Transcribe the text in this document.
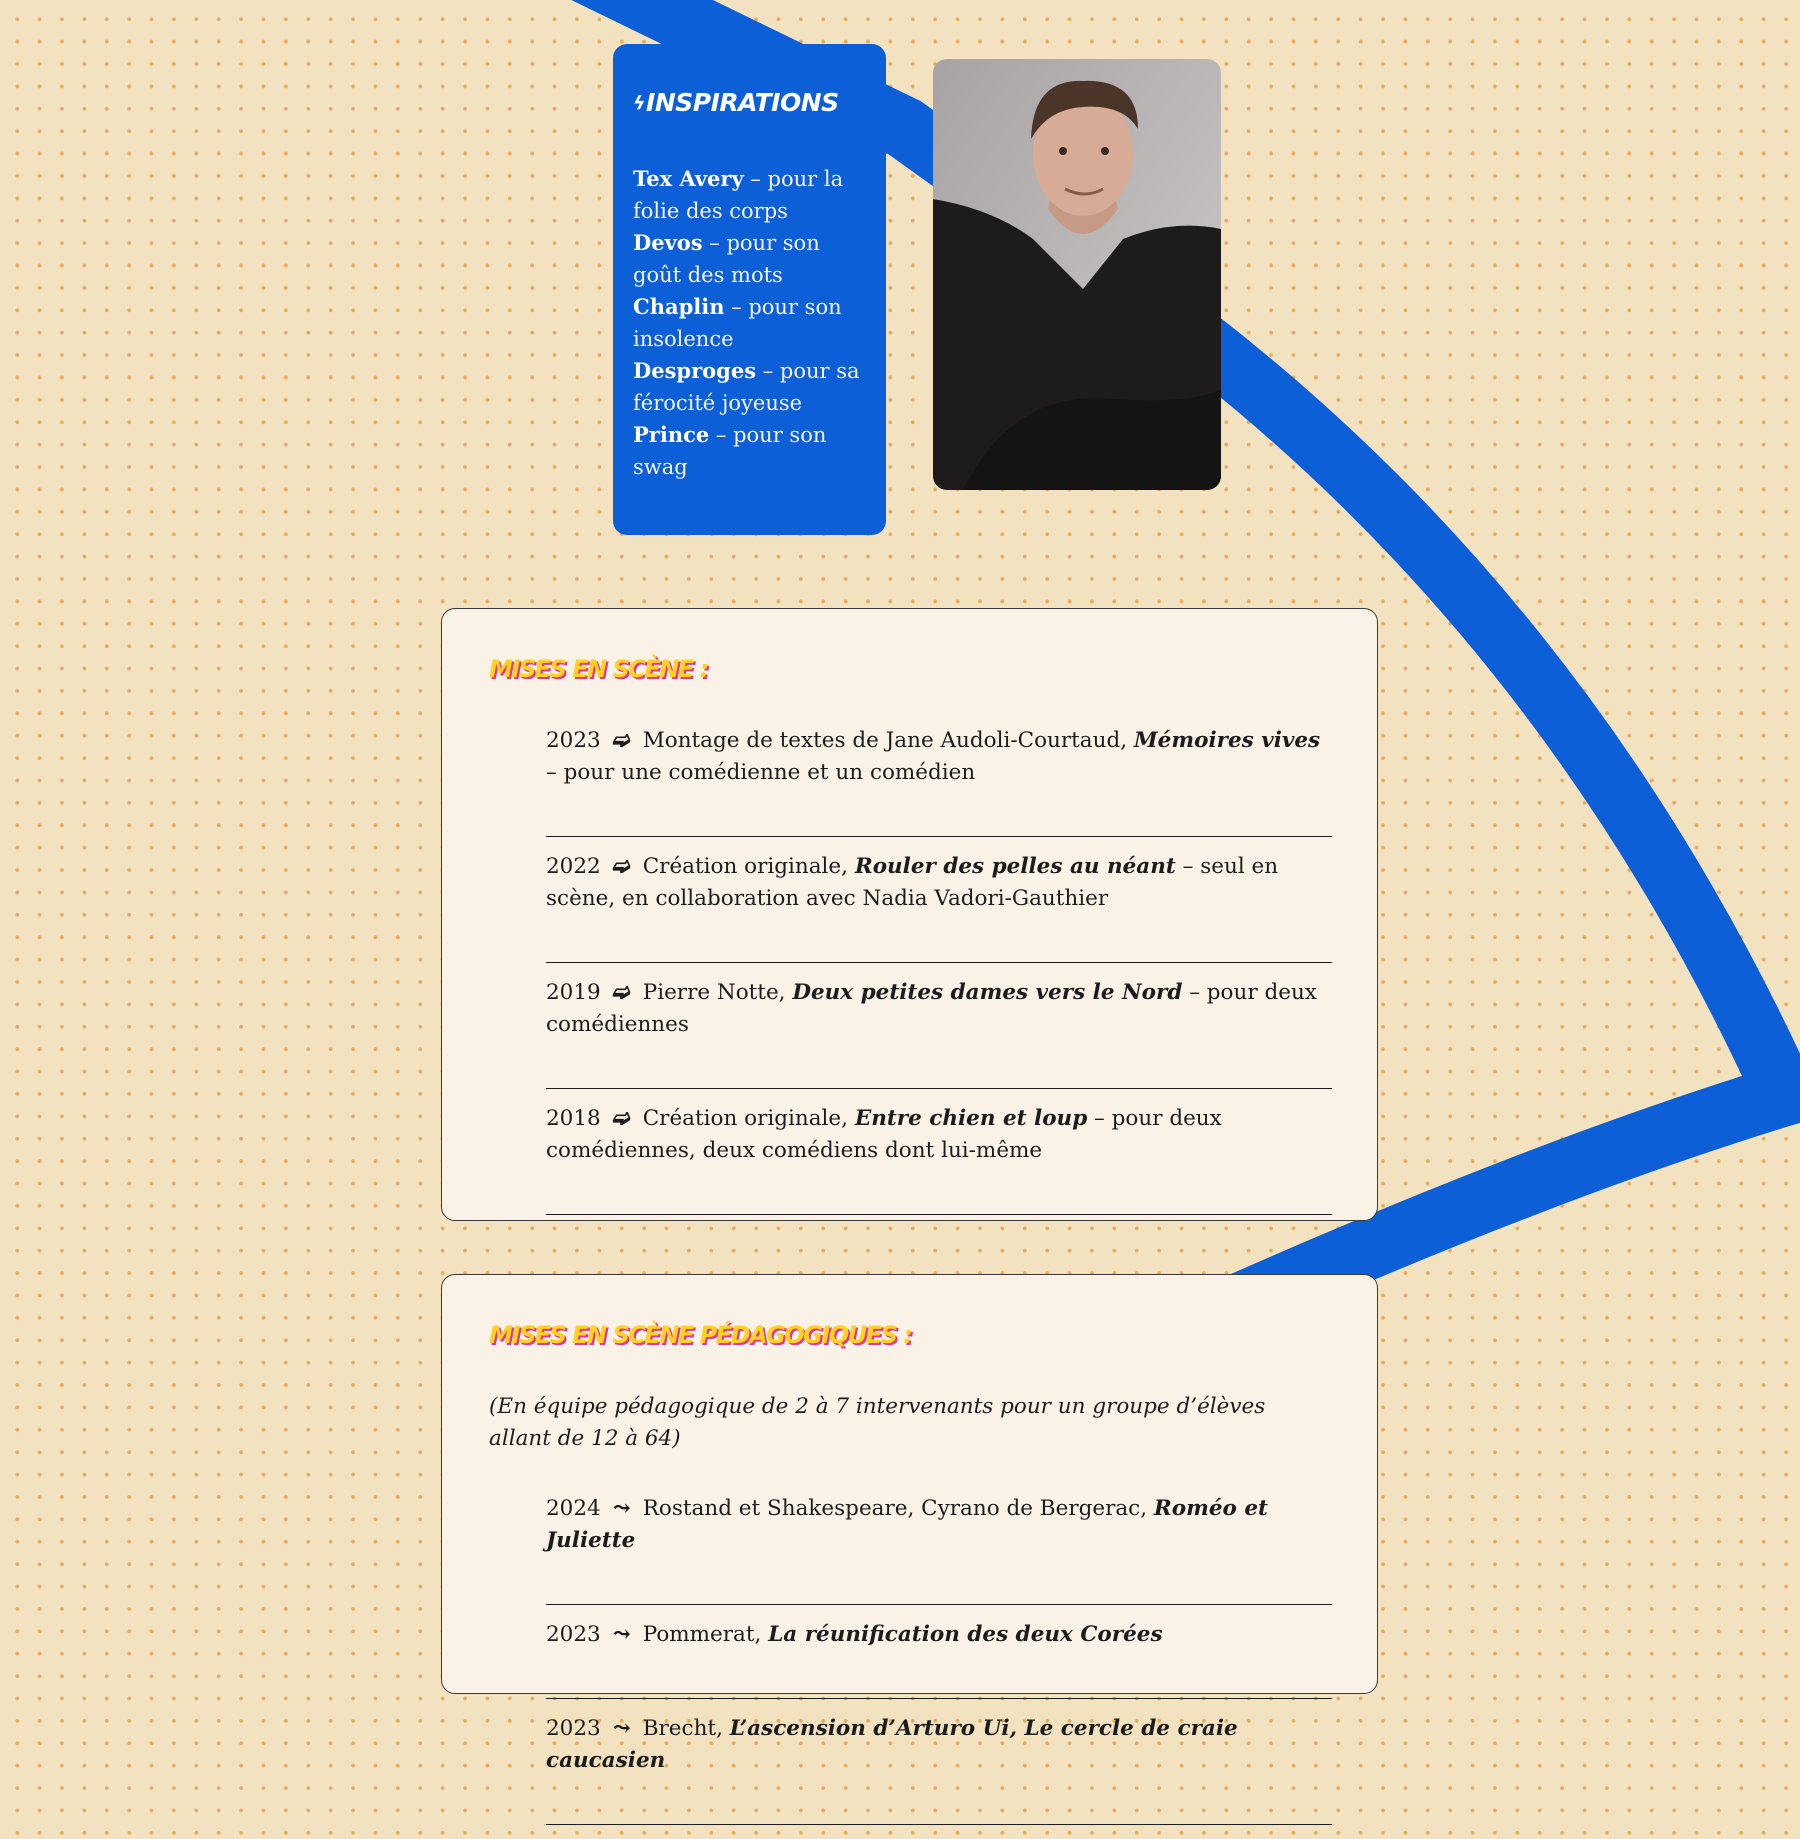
ϟ INSPIRATIONS
Tex Avery – pour la folie des corps
Devos – pour son goût des mots
Chaplin – pour son insolence
Desproges – pour sa férocité joyeuse
Prince – pour son swag
MISES EN SCÈNE :
2023 ➫ Montage de textes de Jane Audoli-Courtaud, Mémoires vives – pour une comédienne et un comédien
2022 ➫ Création originale, Rouler des pelles au néant – seul en scène, en collaboration avec Nadia Vadori-Gauthier
2019 ➫ Pierre Notte, Deux petites dames vers le Nord – pour deux comédiennes
2018 ➫ Création originale, Entre chien et loup – pour deux comédiennes, deux comédiens dont lui-même
MISES EN SCÈNE PÉDAGOGIQUES :
(En équipe pédagogique de 2 à 7 intervenants pour un groupe d’élèves allant de 12 à 64)
2024 ⤳ Rostand et Shakespeare, Cyrano de Bergerac, Roméo et Juliette
2023 ⤳ Pommerat, La réunification des deux Corées
2023 ⤳ Brecht, L’ascension d’Arturo Ui, Le cercle de craie caucasien
